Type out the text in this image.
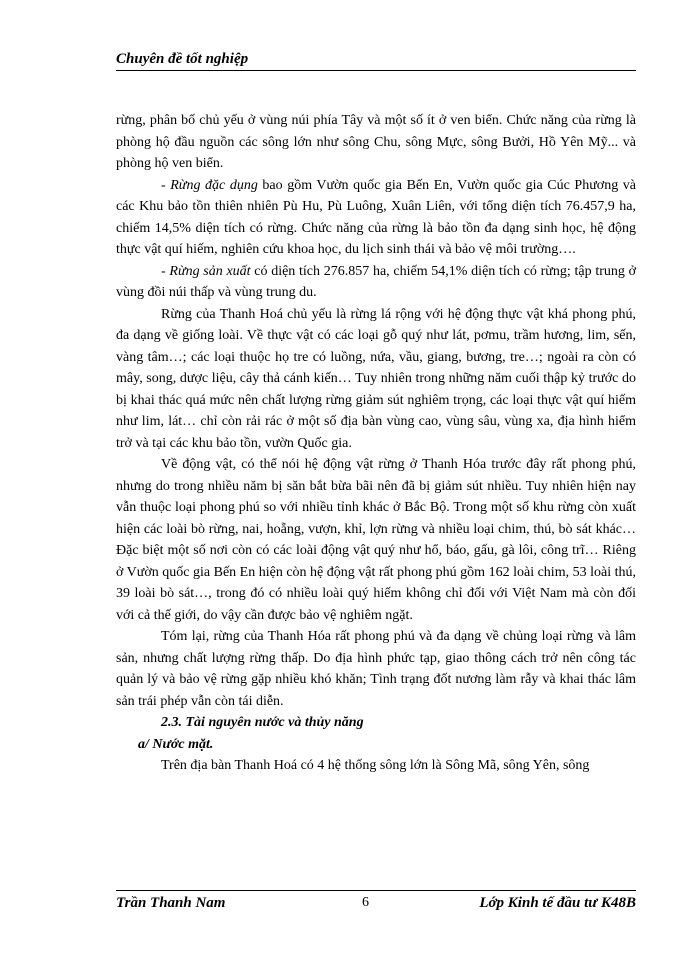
Chuyên đề tốt nghiệp

rừng, phân bố chủ yếu ở vùng núi phía Tây và một số ít ở ven biển. Chức năng của rừng là phòng hộ đầu nguồn các sông lớn như sông Chu, sông Mực, sông Bưởi, Hồ Yên Mỹ... và phòng hộ ven biển.

- Rừng đặc dụng bao gồm Vườn quốc gia Bến En, Vườn quốc gia Cúc Phương và các Khu bảo tồn thiên nhiên Pù Hu, Pù Luông, Xuân Liên, với tổng diện tích 76.457,9 ha, chiếm 14,5% diện tích có rừng. Chức năng của rừng là bảo tồn đa dạng sinh học, hệ động thực vật quí hiếm, nghiên cứu khoa học, du lịch sinh thái và bảo vệ môi trường….

- Rừng sản xuất có diện tích 276.857 ha, chiếm 54,1% diện tích có rừng; tập trung ở vùng đồi núi thấp và vùng trung du.

Rừng của Thanh Hoá chủ yếu là rừng lá rộng với hệ động thực vật khá phong phú, đa dạng về giống loài. Về thực vật có các loại gỗ quý như lát, pơmu, trầm hương, lim, sến, vàng tâm…; các loại thuộc họ tre có luồng, nứa, vầu, giang, bương, tre…; ngoài ra còn có mây, song, dược liệu, cây thả cánh kiến… Tuy nhiên trong những năm cuối thập kỷ trước do bị khai thác quá mức nên chất lượng rừng giảm sút nghiêm trọng, các loại thực vật quí hiếm như lim, lát… chỉ còn rải rác ở một số địa bàn vùng cao, vùng sâu, vùng xa, địa hình hiểm trở và tại các khu bảo tồn, vườn Quốc gia.

Về động vật, có thể nói hệ động vật rừng ở Thanh Hóa trước đây rất phong phú, nhưng do trong nhiều năm bị săn bắt bừa bãi nên đã bị giảm sút nhiều. Tuy nhiên hiện nay vẫn thuộc loại phong phú so với nhiều tỉnh khác ở Bắc Bộ. Trong một số khu rừng còn xuất hiện các loài bò rừng, nai, hoẵng, vượn, khỉ, lợn rừng và nhiều loại chim, thú, bò sát khác… Đặc biệt một số nơi còn có các loài động vật quý như hổ, báo, gấu, gà lôi, công trĩ… Riêng ở Vườn quốc gia Bến En hiện còn hệ động vật rất phong phú gồm 162 loài chim, 53 loài thú, 39 loài bò sát…, trong đó có nhiều loài quý hiếm không chỉ đối với Việt Nam mà còn đối với cả thế giới, do vậy cần được bảo vệ nghiêm ngặt.

Tóm lại, rừng của Thanh Hóa rất phong phú và đa dạng về chủng loại rừng và lâm sản, nhưng chất lượng rừng thấp. Do địa hình phức tạp, giao thông cách trở nên công tác quản lý và bảo vệ rừng gặp nhiều khó khăn; Tình trạng đốt nương làm rẫy và khai thác lâm sản trái phép vẫn còn tái diễn.

2.3. Tài nguyên nước và thủy năng

a/ Nước mặt.

Trên địa bàn Thanh Hoá có 4 hệ thống sông lớn là Sông Mã, sông Yên, sông

Trần Thanh Nam	6	Lớp Kinh tế đầu tư K48B
